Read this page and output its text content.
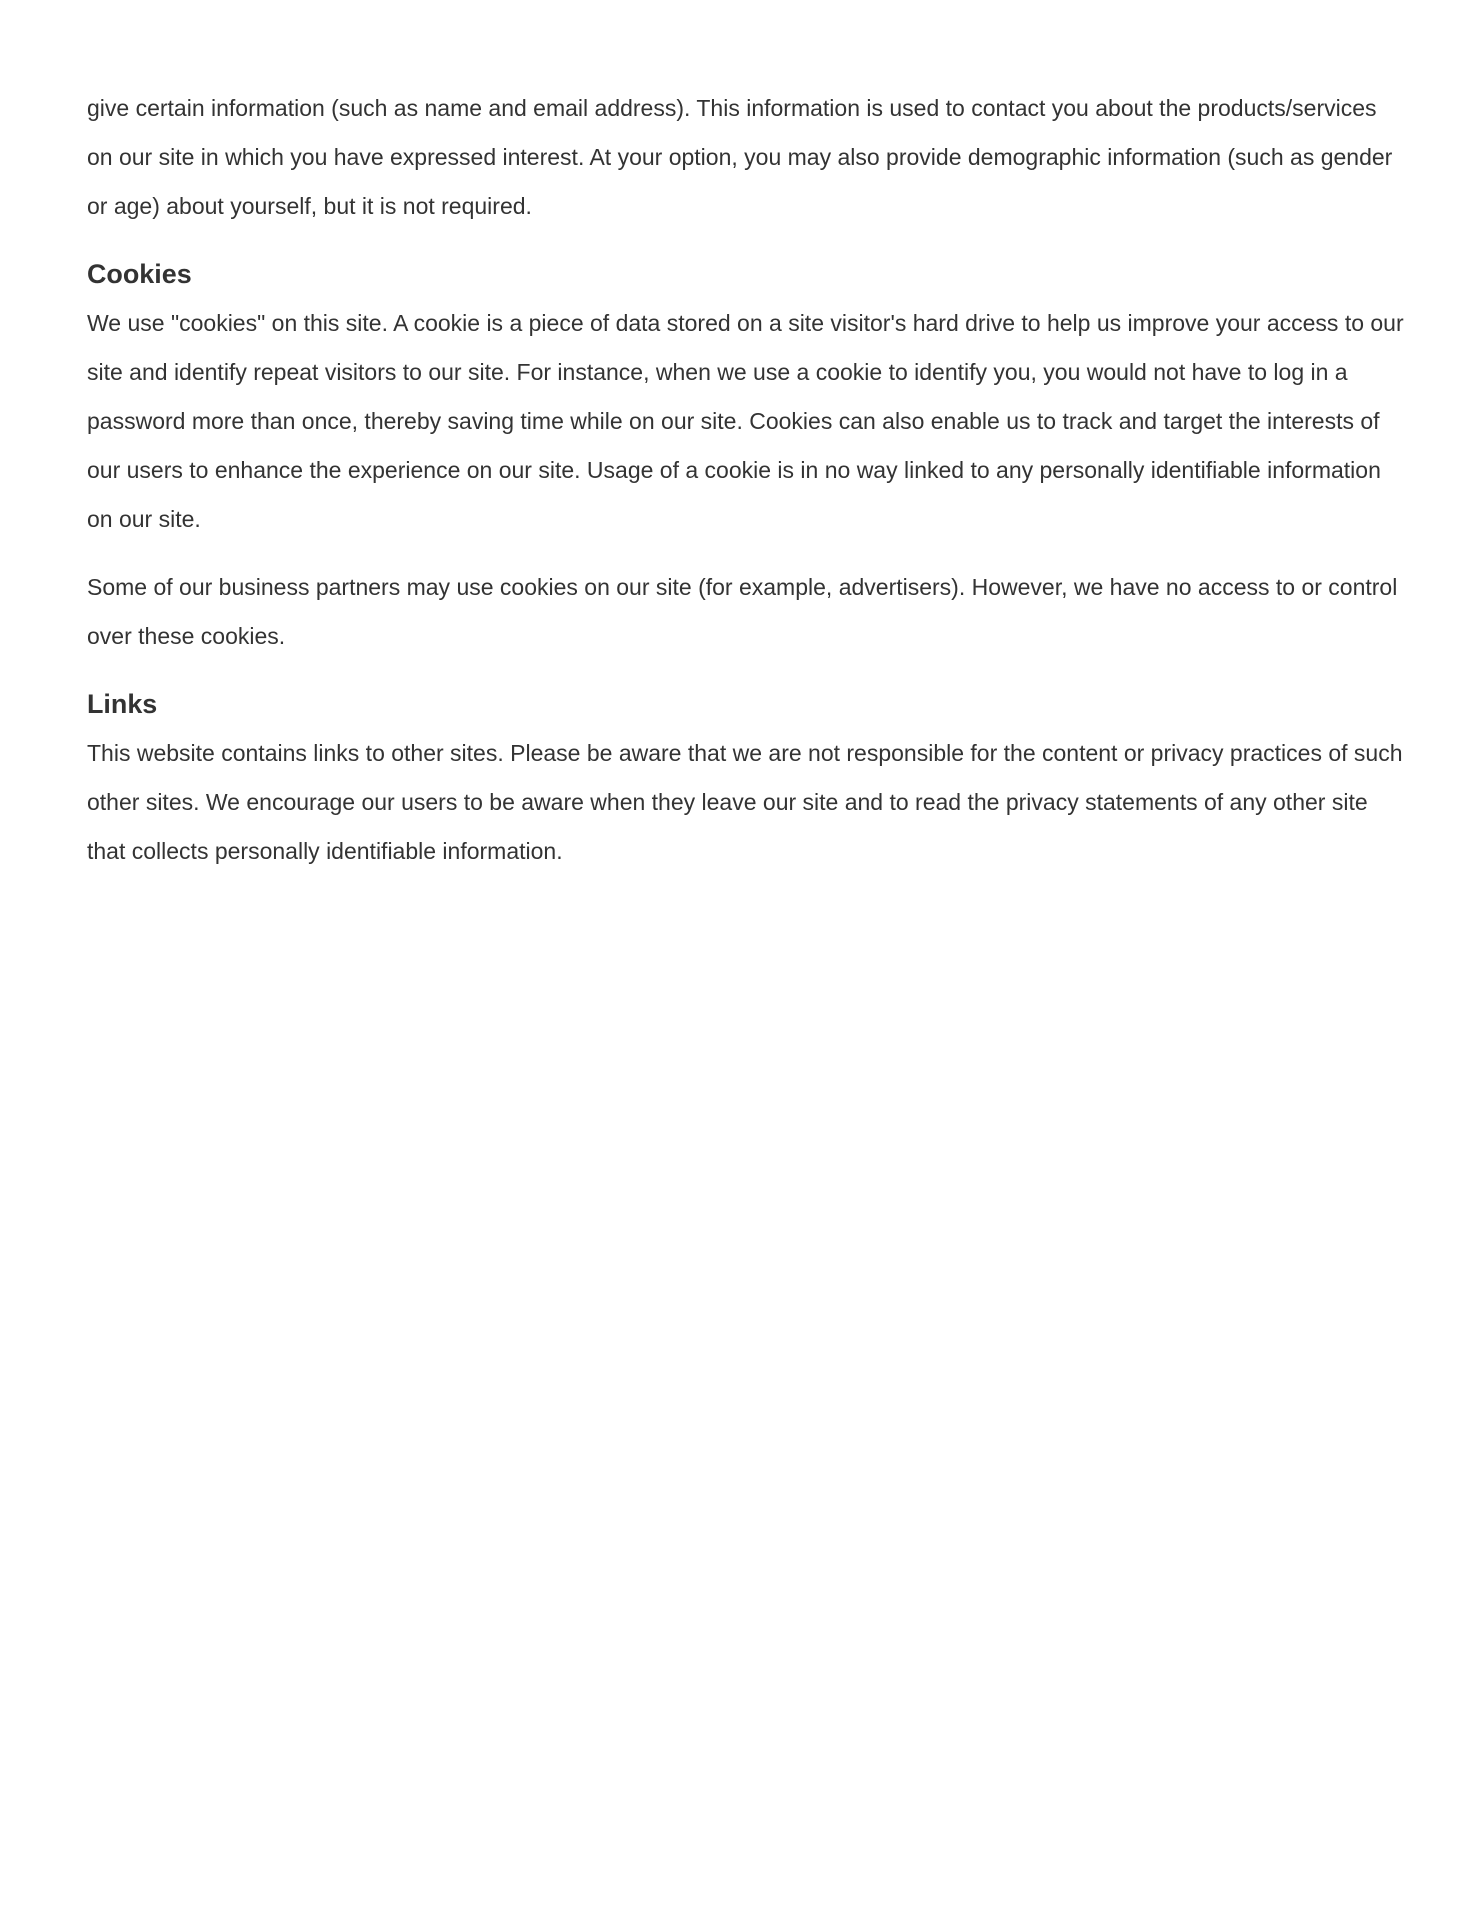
give certain information (such as name and email address). This information is used to contact you about the products/services on our site in which you have expressed interest. At your option, you may also provide demographic information (such as gender or age) about yourself, but it is not required.

Cookies

We use "cookies" on this site. A cookie is a piece of data stored on a site visitor's hard drive to help us improve your access to our site and identify repeat visitors to our site. For instance, when we use a cookie to identify you, you would not have to log in a password more than once, thereby saving time while on our site. Cookies can also enable us to track and target the interests of our users to enhance the experience on our site. Usage of a cookie is in no way linked to any personally identifiable information on our site.

Some of our business partners may use cookies on our site (for example, advertisers). However, we have no access to or control over these cookies.

Links

This website contains links to other sites. Please be aware that we are not responsible for the content or privacy practices of such other sites. We encourage our users to be aware when they leave our site and to read the privacy statements of any other site that collects personally identifiable information.
